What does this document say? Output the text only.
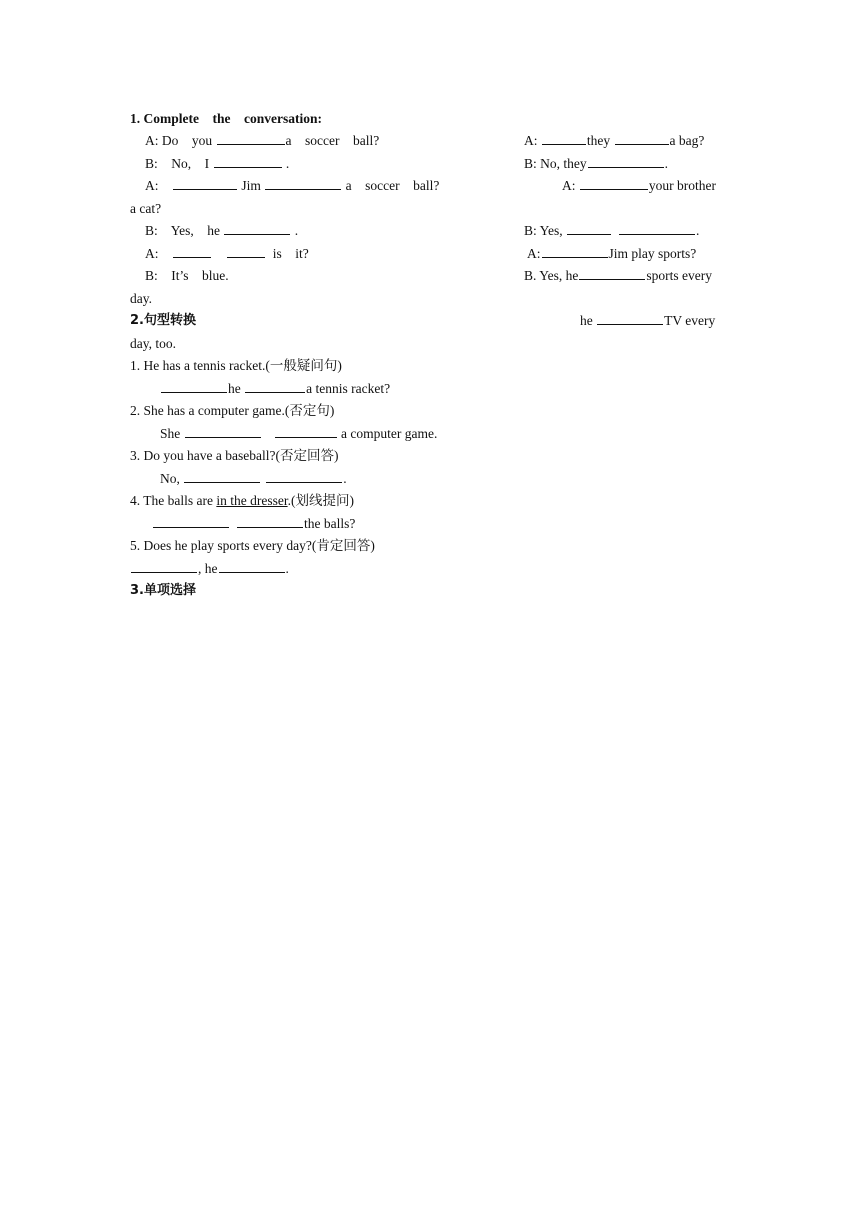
1. Complete    the    conversation:
A: Do    you	a    soccer    ball?
B:    No,    I	.
A:	Jim	a    soccer    ball?
B:    Yes,    he	.
A:	is    it?
B:    It’s    blue.
A:	they	a bag?
B: No, they	.
A:	your brother
a cat?
B: Yes,	.
A:	Jim play sports?
B. Yes, he	sports every
day.
2.句型转换	he	TV every
day, too.
1. He has a tennis racket.(一般疑问句)
he	a tennis racket?
2. She has a computer game.(否定句)
She	a computer game.
3. Do you have a baseball?(否定回答)
No,	.
4. The balls are in the dresser.(划线提问)
the balls?
5. Does he play sports every day?(肯定回答)
, he	.
3.单项选择
